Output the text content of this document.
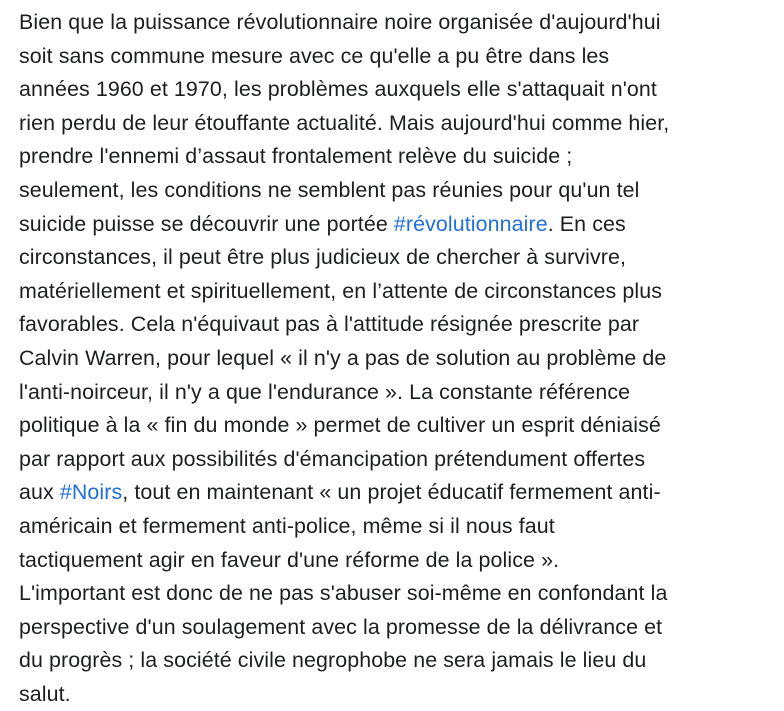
Bien que la puissance révolutionnaire noire organisée d'aujourd'hui
soit sans commune mesure avec ce qu'elle a pu être dans les
années 1960 et 1970, les problèmes auxquels elle s'attaquait n'ont
rien perdu de leur étouffante actualité. Mais aujourd'hui comme hier,
prendre l'ennemi d’assaut frontalement relève du suicide ;
seulement, les conditions ne semblent pas réunies pour qu'un tel
suicide puisse se découvrir une portée #révolutionnaire. En ces
circonstances, il peut être plus judicieux de chercher à survivre,
matériellement et spirituellement, en l’attente de circonstances plus
favorables. Cela n'équivaut pas à l'attitude résignée prescrite par
Calvin Warren, pour lequel « il n'y a pas de solution au problème de
l'anti-noirceur, il n'y a que l'endurance ». La constante référence
politique à la « fin du monde » permet de cultiver un esprit déniaisé
par rapport aux possibilités d'émancipation prétendument offertes
aux #Noirs, tout en maintenant « un projet éducatif fermement anti-
américain et fermement anti-police, même si il nous faut
tactiquement agir en faveur d'une réforme de la police ».
L'important est donc de ne pas s'abuser soi-même en confondant la
perspective d'un soulagement avec la promesse de la délivrance et
du progrès ; la société civile negrophobe ne sera jamais le lieu du
salut.
